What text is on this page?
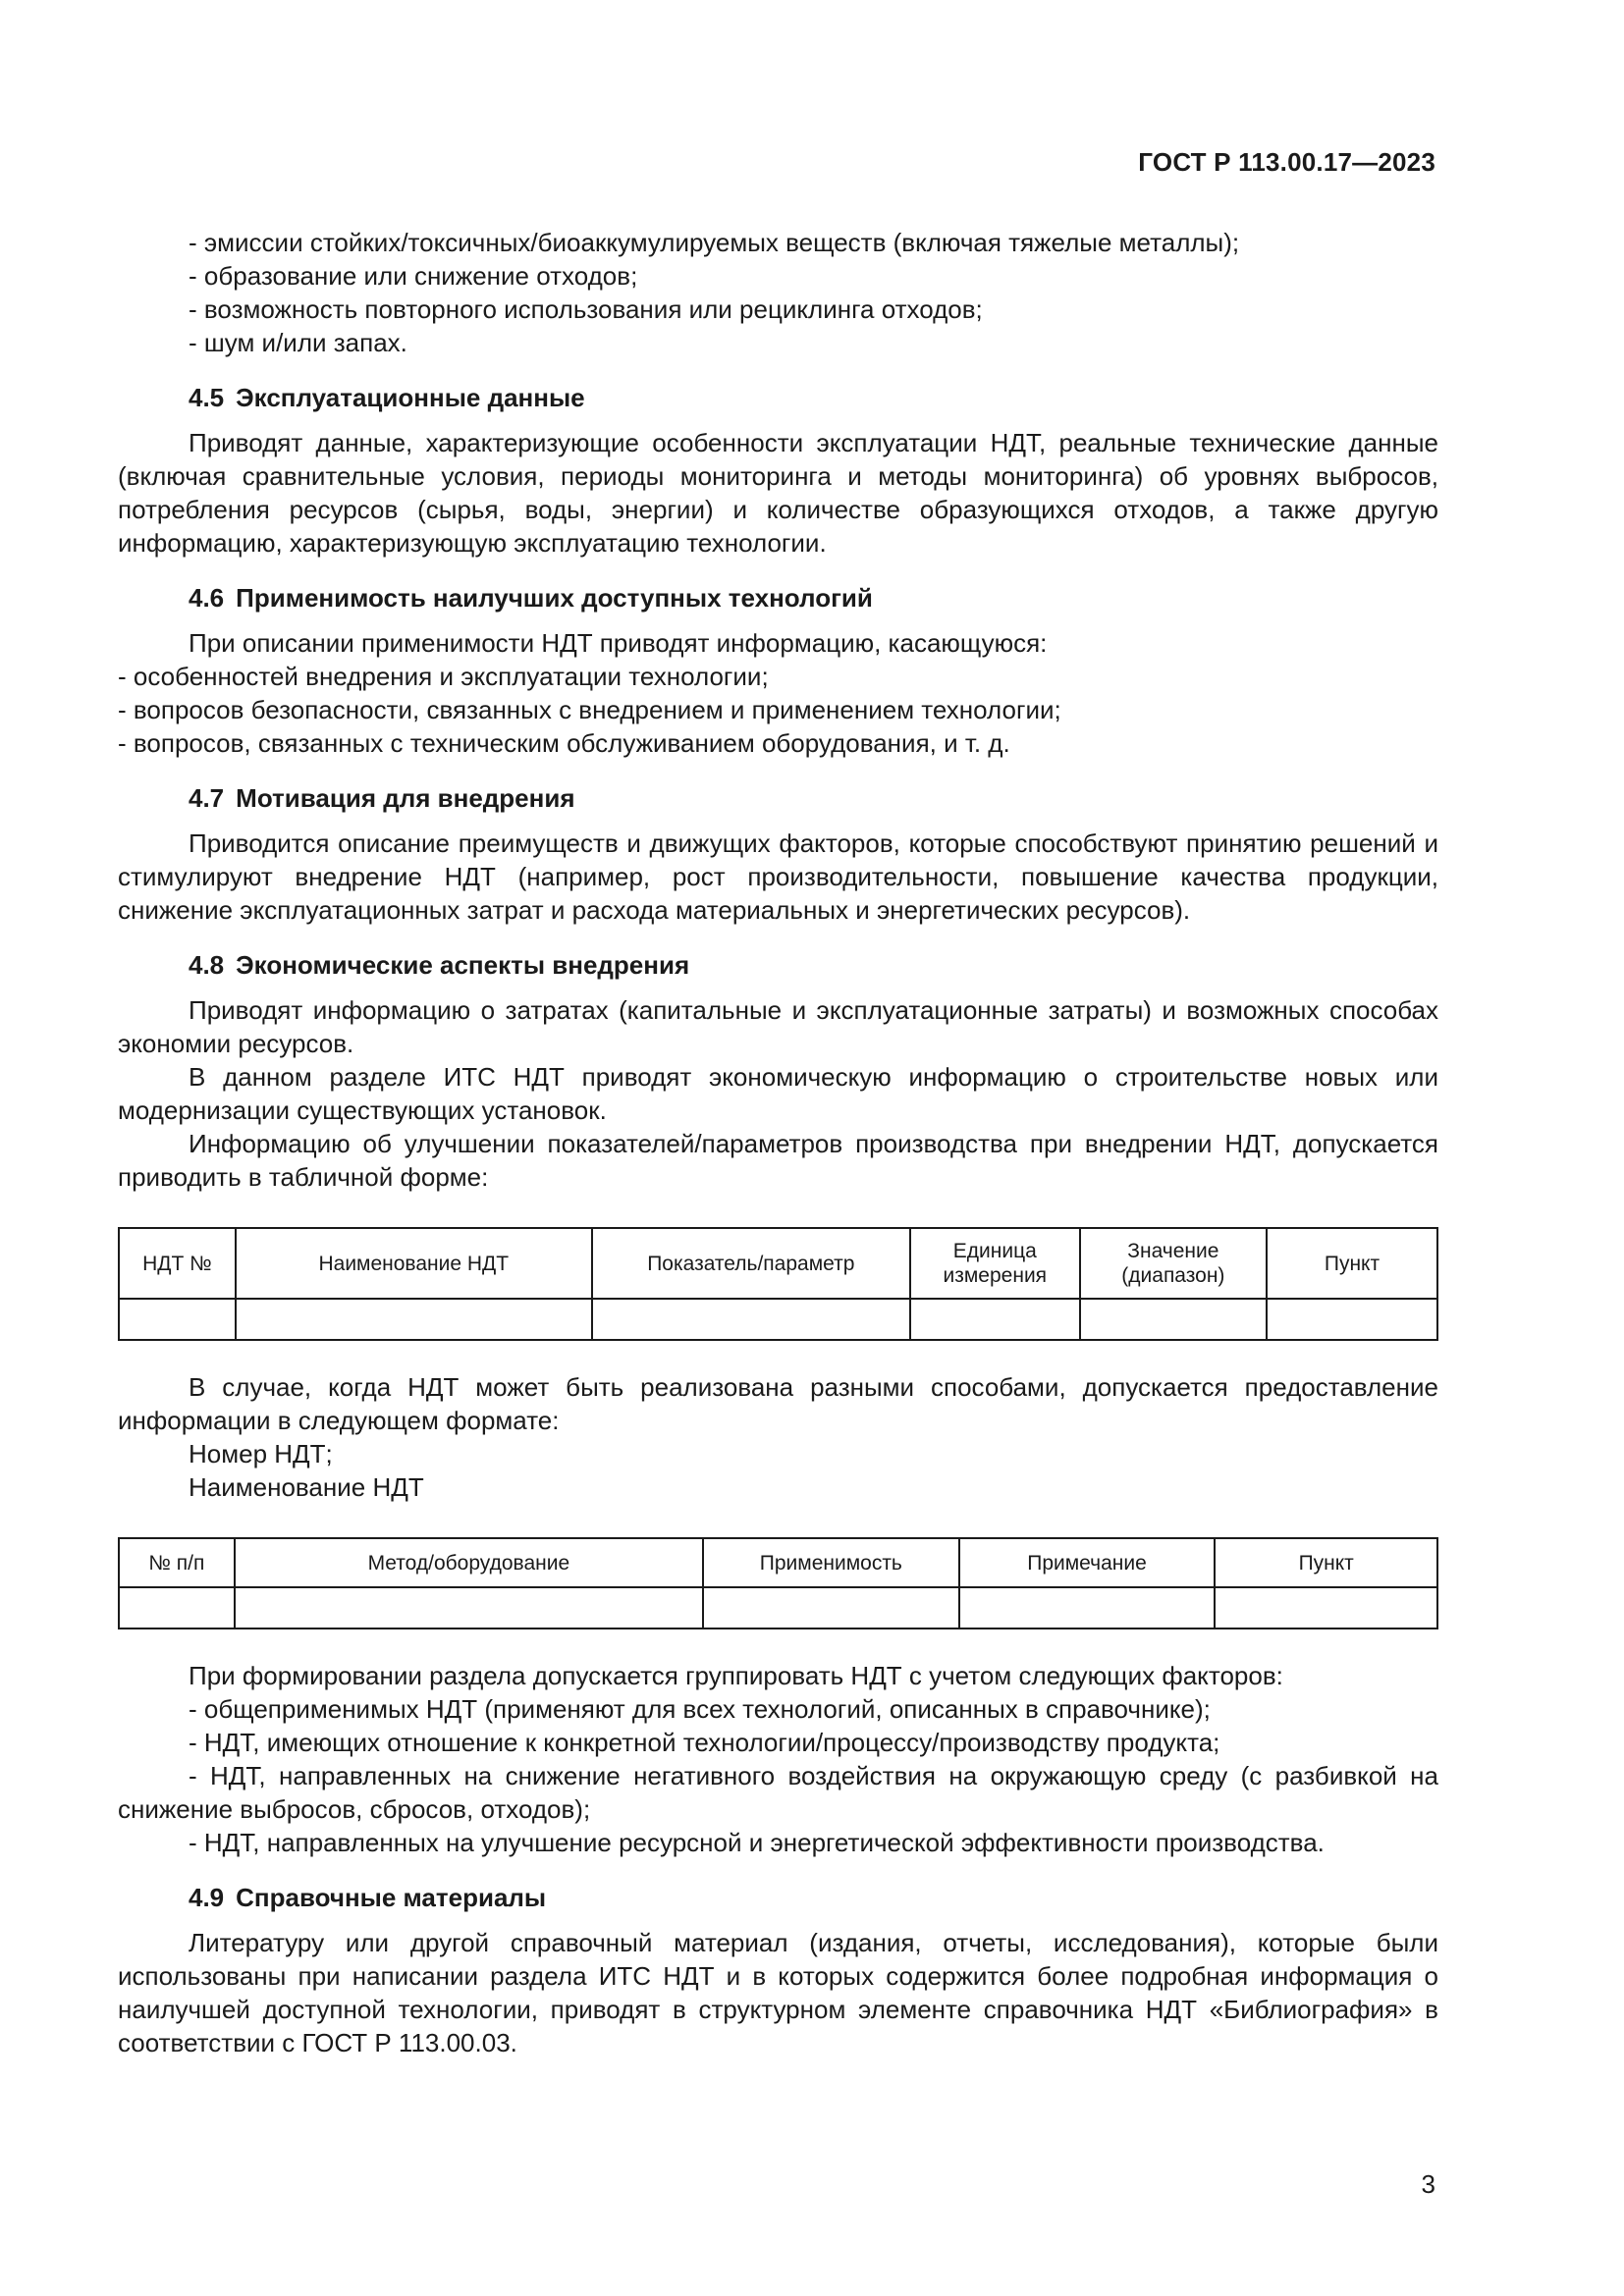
ГОСТ Р 113.00.17—2023

- эмиссии стойких/токсичных/биоаккумулируемых веществ (включая тяжелые металлы);

- образование или снижение отходов;

- возможность повторного использования или рециклинга отходов;

- шум и/или запах.

4.5 Эксплуатационные данные

Приводят данные, характеризующие особенности эксплуатации НДТ, реальные технические данные (включая сравнительные условия, периоды мониторинга и методы мониторинга) об уровнях выбросов, потребления ресурсов (сырья, воды, энергии) и количестве образующихся отходов, а также другую информацию, характеризующую эксплуатацию технологии.

4.6 Применимость наилучших доступных технологий

При описании применимости НДТ приводят информацию, касающуюся:

- особенностей внедрения и эксплуатации технологии;

- вопросов безопасности, связанных с внедрением и применением технологии;

- вопросов, связанных с техническим обслуживанием оборудования, и т. д.

4.7 Мотивация для внедрения

Приводится описание преимуществ и движущих факторов, которые способствуют принятию решений и стимулируют внедрение НДТ (например, рост производительности, повышение качества продукции, снижение эксплуатационных затрат и расхода материальных и энергетических ресурсов).

4.8 Экономические аспекты внедрения

Приводят информацию о затратах (капитальные и эксплуатационные затраты) и возможных способах экономии ресурсов.

В данном разделе ИТС НДТ приводят экономическую информацию о строительстве новых или модернизации существующих установок.

Информацию об улучшении показателей/параметров производства при внедрении НДТ, допускается приводить в табличной форме:

НДТ №	Наименование НДТ	Показатель/параметр	Единица измерения	Значение (диапазон)	Пункт

В случае, когда НДТ может быть реализована разными способами, допускается предоставление информации в следующем формате:

Номер НДТ;

Наименование НДТ

№ п/п	Метод/оборудование	Применимость	Примечание	Пункт

При формировании раздела допускается группировать НДТ с учетом следующих факторов:

- общеприменимых НДТ (применяют для всех технологий, описанных в справочнике);

- НДТ, имеющих отношение к конкретной технологии/процессу/производству продукта;

- НДТ, направленных на снижение негативного воздействия на окружающую среду (с разбивкой на снижение выбросов, сбросов, отходов);

- НДТ, направленных на улучшение ресурсной и энергетической эффективности производства.

4.9 Справочные материалы

Литературу или другой справочный материал (издания, отчеты, исследования), которые были использованы при написании раздела ИТС НДТ и в которых содержится более подробная информация о наилучшей доступной технологии, приводят в структурном элементе справочника НДТ «Библиография» в соответствии с ГОСТ Р 113.00.03.

3
